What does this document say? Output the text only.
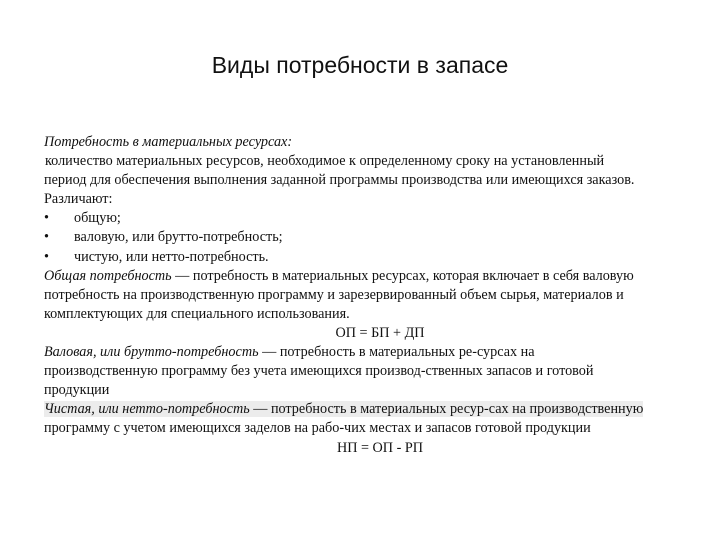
Виды потребности в запасе
Потребность в материальных ресурсах:
количество материальных ресурсов, необходимое к определенному сроку на установленный
период для обеспечения выполнения заданной программы производства или имеющихся заказов.
Различают:
•	общую;
•	валовую, или брутто-потребность;
•	чистую, или нетто-потребность.
Общая потребность — потребность в материальных ресурсах, которая включает в себя валовую
потребность на производственную программу и зарезервированный объем сырья, материалов и
комплектующих для специального использования.
ОП = БП + ДП
Валовая, или брутто-потребность — потребность в материальных ре-сурсах на
производственную программу без учета имеющихся производ-ственных запасов и готовой
продукции
Чистая, или нетто-потребность — потребность в материальных ресур-сах на производственную
программу с учетом имеющихся заделов на рабо-чих местах и запасов готовой продукции
НП = ОП - РП
